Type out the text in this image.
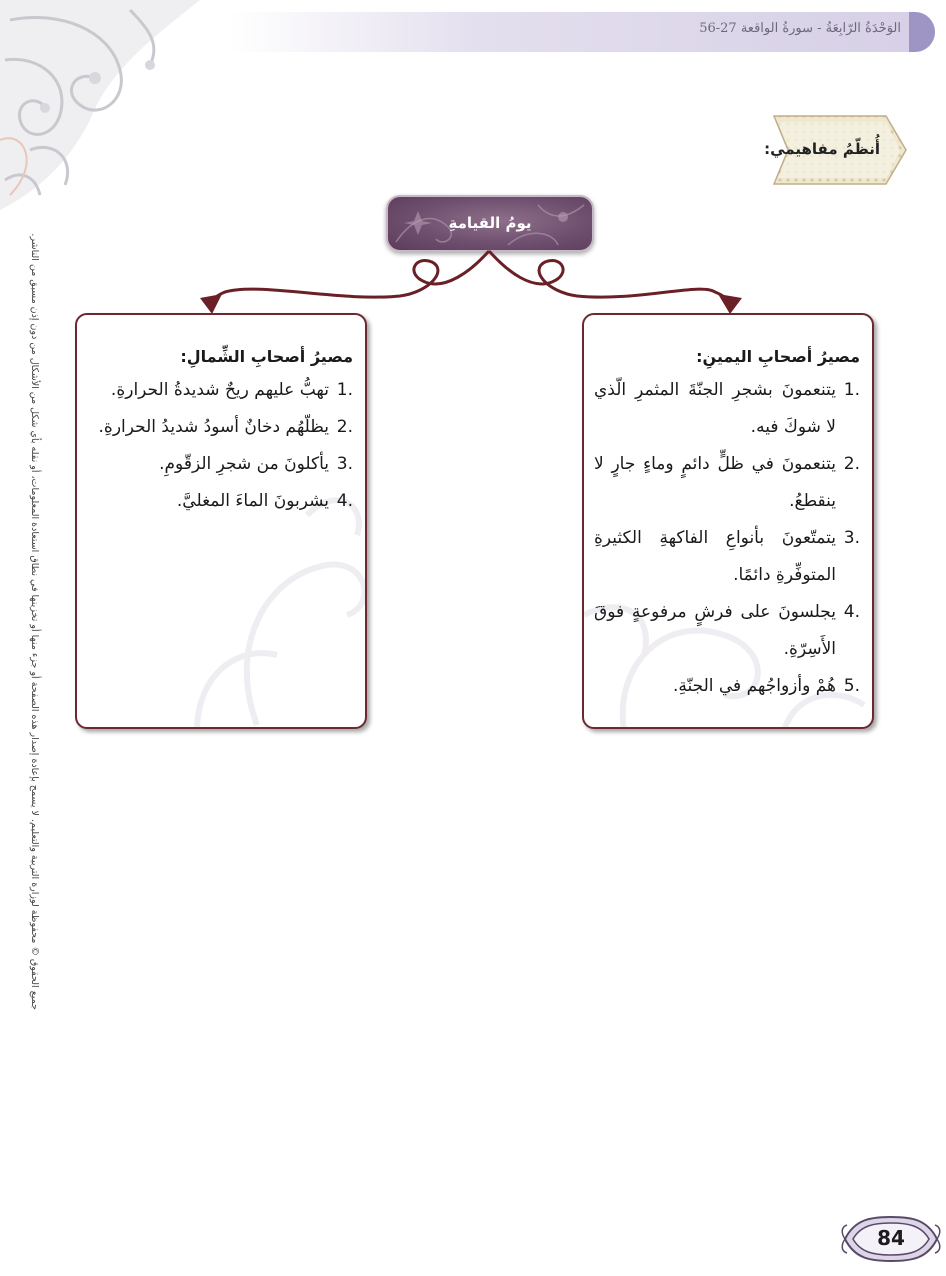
الوَحْدَةُ الرّابِعَةُ - سورةُ الواقعة 27-56
جميع الحقوق © محفوظة لوزارة التربية والتعليم. لا يسمح بإعادة إصدار هذه الصفحة أو جزء منها أو تخزينها في نطاق استعادة المعلومات، أو نقله بأي شكل من الأشكال من دون إذن مسبق من الناشر.
أُنظّمُ مفاهيمي:
يومُ القيامةِ
مصيرُ أصحابِ الشِّمالِ:
1.
تهبُّ عليهم ريحٌ شديدةُ الحرارةِ.
2.
يظلّهُم دخانٌ أسودُ شديدُ الحرارةِ.
3.
يأكلونَ من شجرِ الزقّومِ.
4.
يشربونَ الماءَ المغليَّ.
مصيرُ أصحابِ اليمينِ:
1.
يتنعمونَ بشجرِ الجنّةَ المثمرِ الّذي لا شوكَ فيه.
2.
يتنعمونَ في ظلٍّ دائمٍ وماءٍ جارٍ لا ينقطعُ.
3.
يتمتّعونَ بأنواعِ الفاكهةِ الكثيرةِ المتوفِّرةِ دائمًا.
4.
يجلسونَ على فرشٍ مرفوعةٍ فوقَ الأَسِرّةِ.
5.
هُمْ وأزواجُهم في الجنّةِ.
84
